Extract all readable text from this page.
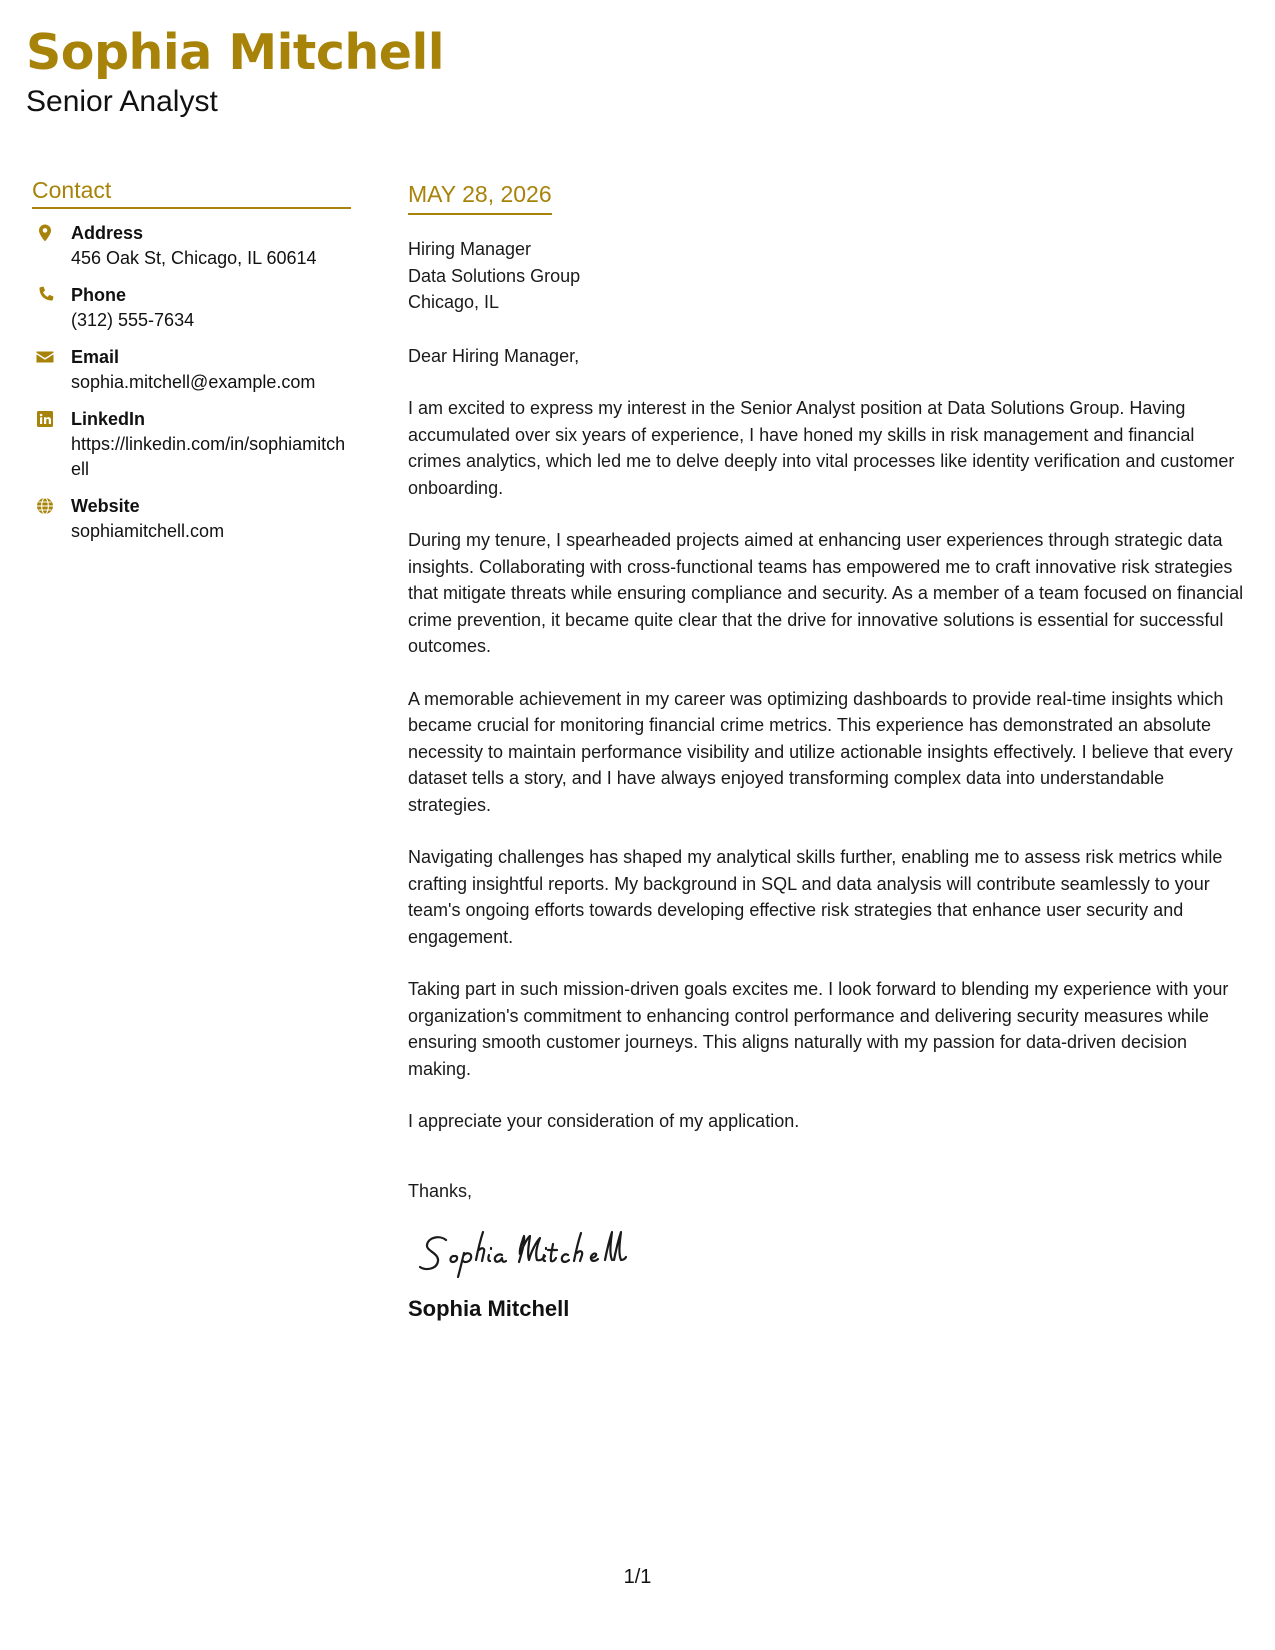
Sophia Mitchell
Senior Analyst
Contact
Address
456 Oak St, Chicago, IL 60614
Phone
(312) 555-7634
Email
sophia.mitchell@example.com
LinkedIn
https://linkedin.com/in/sophiamitchell
Website
sophiamitchell.com
MAY 28, 2026
Hiring Manager
Data Solutions Group
Chicago, IL
Dear Hiring Manager,
I am excited to express my interest in the Senior Analyst position at Data Solutions Group. Having accumulated over six years of experience, I have honed my skills in risk management and financial crimes analytics, which led me to delve deeply into vital processes like identity verification and customer onboarding.
During my tenure, I spearheaded projects aimed at enhancing user experiences through strategic data insights. Collaborating with cross-functional teams has empowered me to craft innovative risk strategies that mitigate threats while ensuring compliance and security. As a member of a team focused on financial crime prevention, it became quite clear that the drive for innovative solutions is essential for successful outcomes.
A memorable achievement in my career was optimizing dashboards to provide real-time insights which became crucial for monitoring financial crime metrics. This experience has demonstrated an absolute necessity to maintain performance visibility and utilize actionable insights effectively. I believe that every dataset tells a story, and I have always enjoyed transforming complex data into understandable strategies.
Navigating challenges has shaped my analytical skills further, enabling me to assess risk metrics while crafting insightful reports. My background in SQL and data analysis will contribute seamlessly to your team's ongoing efforts towards developing effective risk strategies that enhance user security and engagement.
Taking part in such mission-driven goals excites me. I look forward to blending my experience with your organization's commitment to enhancing control performance and delivering security measures while ensuring smooth customer journeys. This aligns naturally with my passion for data-driven decision making.
I appreciate your consideration of my application.
Thanks,
Sophia Mitchell
1/1
